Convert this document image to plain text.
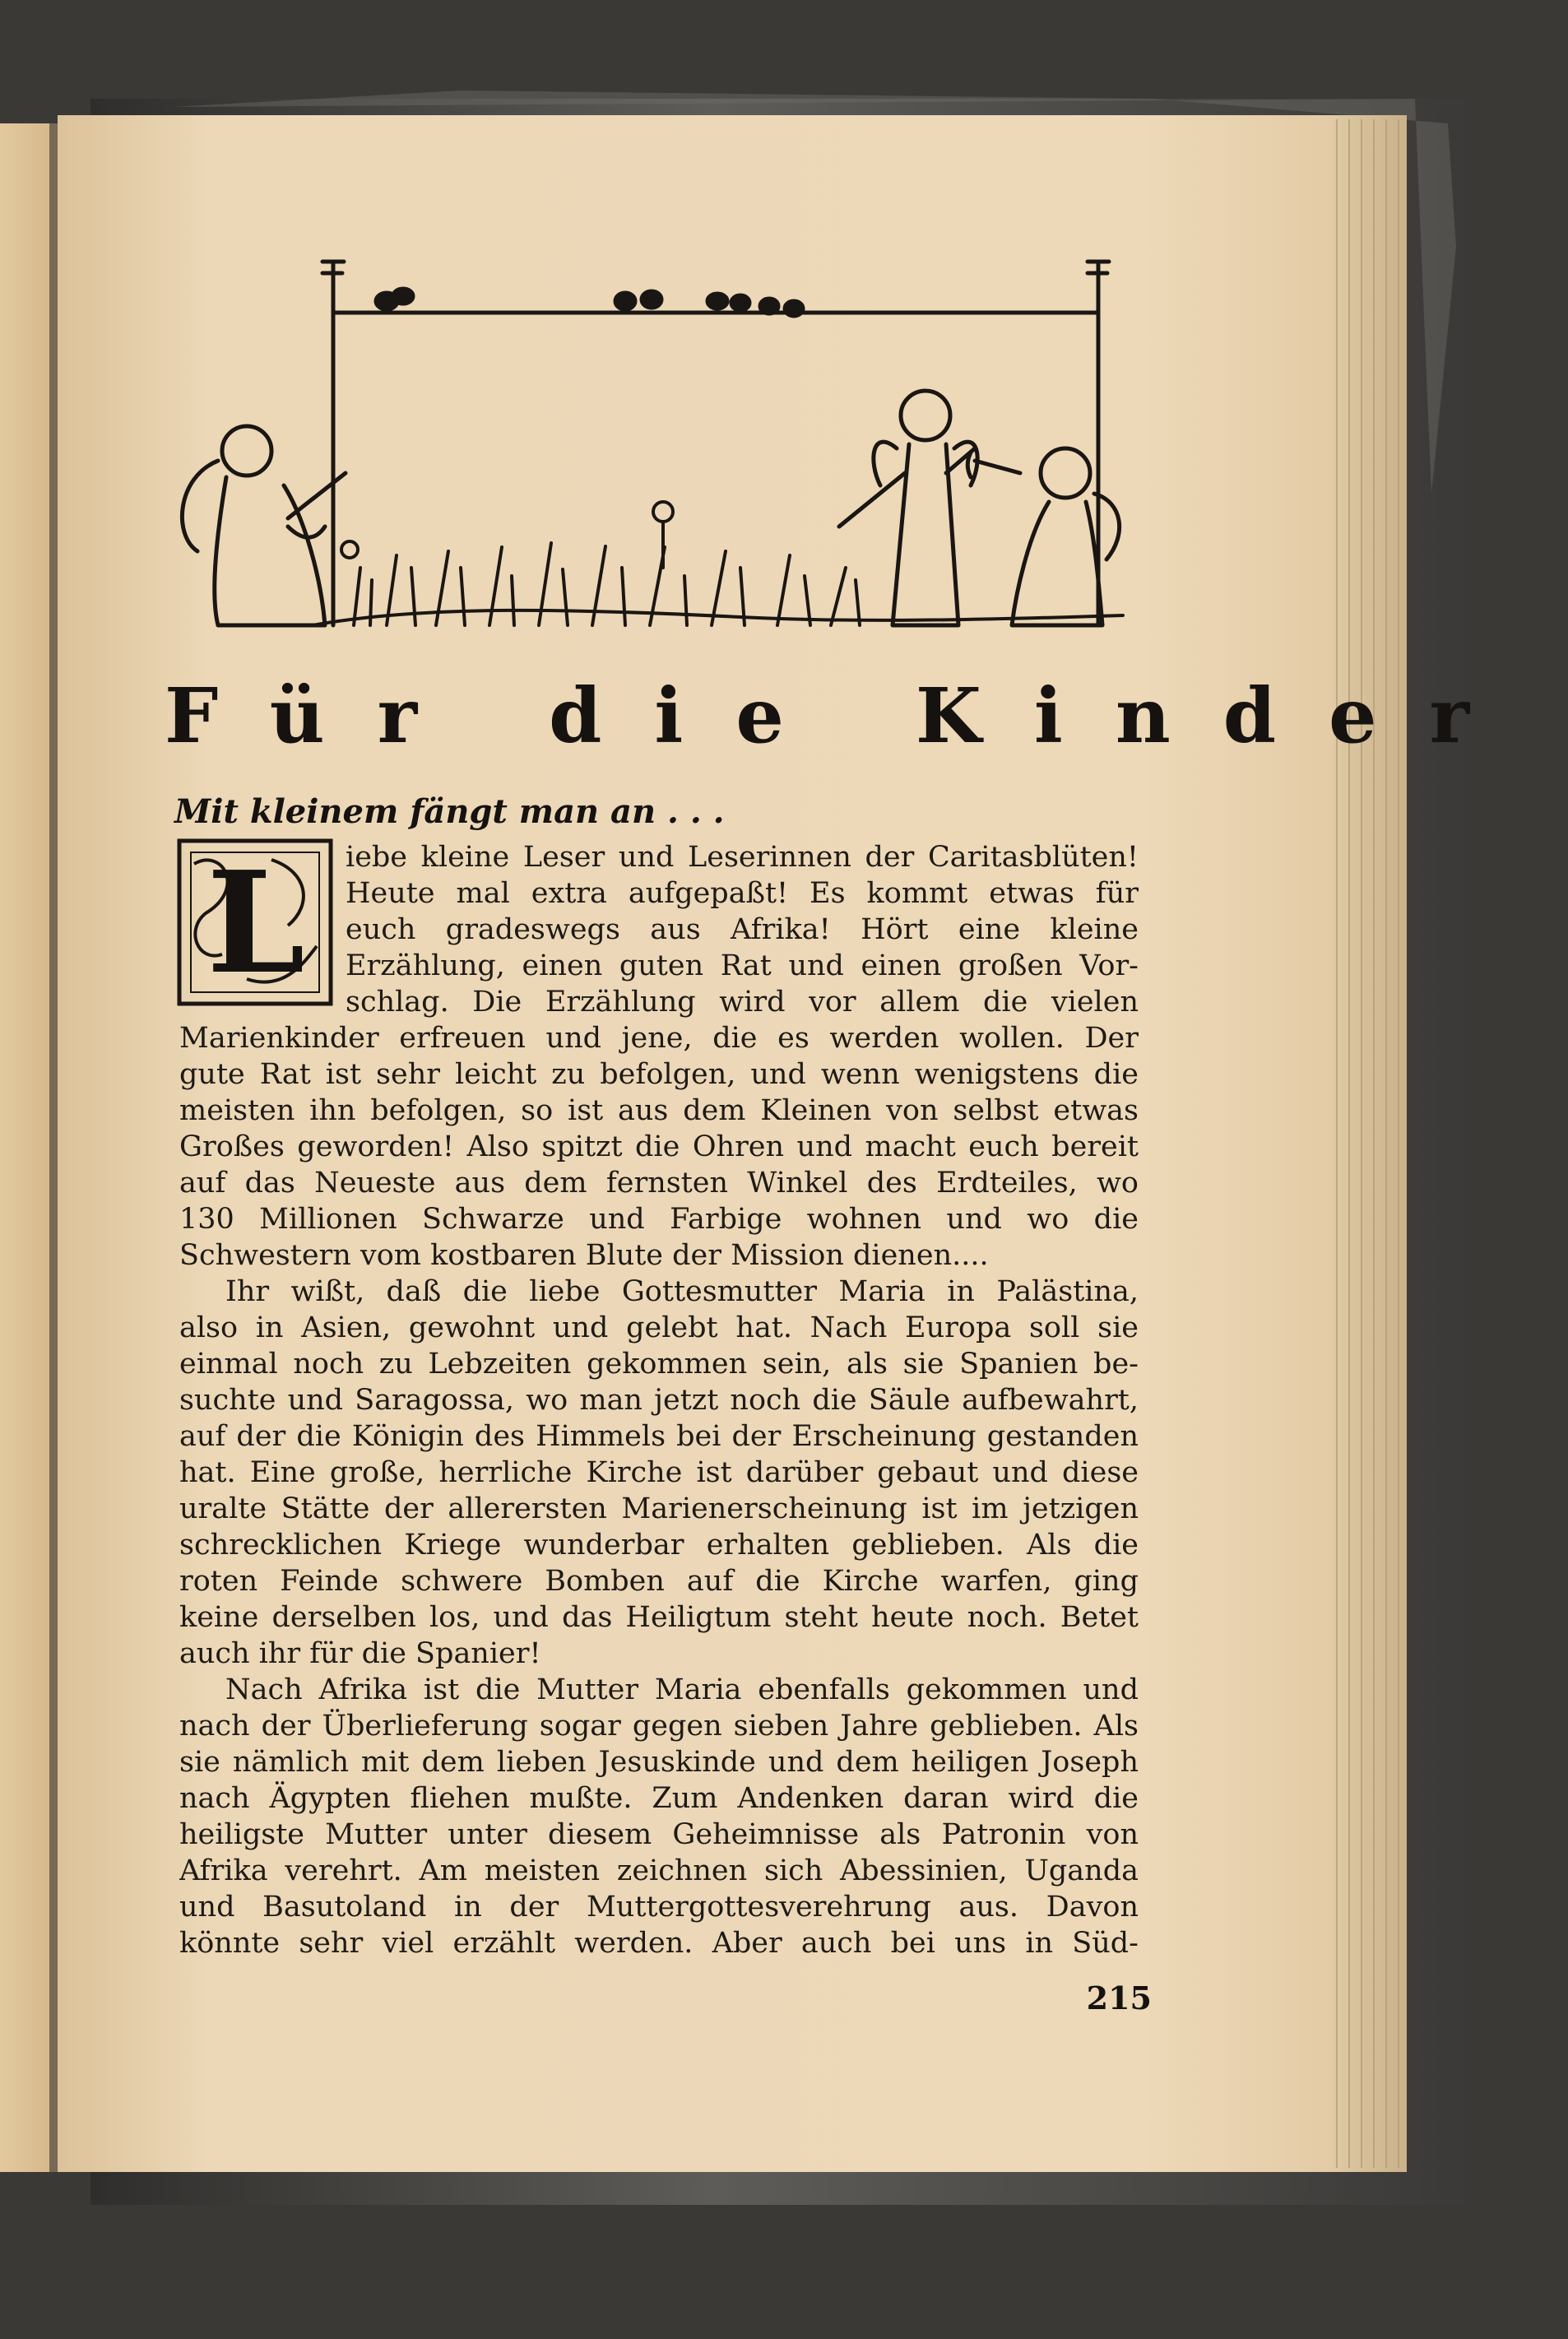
Für die Kinder
Mit kleinem fängt man an . . .
L iebe kleine Leser und Leserinnen der Caritasblüten!
Heute mal extra aufgepaßt! Es kommt etwas für
euch gradeswegs aus Afrika! Hört eine kleine
Erzählung, einen guten Rat und einen großen Vor-
schlag. Die Erzählung wird vor allem die vielen
Marienkinder erfreuen und jene, die es werden wollen. Der
gute Rat ist sehr leicht zu befolgen, und wenn wenigstens die
meisten ihn befolgen, so ist aus dem Kleinen von selbst etwas
Großes geworden! Also spitzt die Ohren und macht euch bereit
auf das Neueste aus dem fernsten Winkel des Erdteiles, wo
130 Millionen Schwarze und Farbige wohnen und wo die
Schwestern vom kostbaren Blute der Mission dienen....
Ihr wißt, daß die liebe Gottesmutter Maria in Palästina,
also in Asien, gewohnt und gelebt hat. Nach Europa soll sie
einmal noch zu Lebzeiten gekommen sein, als sie Spanien be-
suchte und Saragossa, wo man jetzt noch die Säule aufbewahrt,
auf der die Königin des Himmels bei der Erscheinung gestanden
hat. Eine große, herrliche Kirche ist darüber gebaut und diese
uralte Stätte der allerersten Marienerscheinung ist im jetzigen
schrecklichen Kriege wunderbar erhalten geblieben. Als die
roten Feinde schwere Bomben auf die Kirche warfen, ging
keine derselben los, und das Heiligtum steht heute noch. Betet
auch ihr für die Spanier!
Nach Afrika ist die Mutter Maria ebenfalls gekommen und
nach der Überlieferung sogar gegen sieben Jahre geblieben. Als
sie nämlich mit dem lieben Jesuskinde und dem heiligen Joseph
nach Ägypten fliehen mußte. Zum Andenken daran wird die
heiligste Mutter unter diesem Geheimnisse als Patronin von
Afrika verehrt. Am meisten zeichnen sich Abessinien, Uganda
und Basutoland in der Muttergottesverehrung aus. Davon
könnte sehr viel erzählt werden. Aber auch bei uns in Süd-
215
